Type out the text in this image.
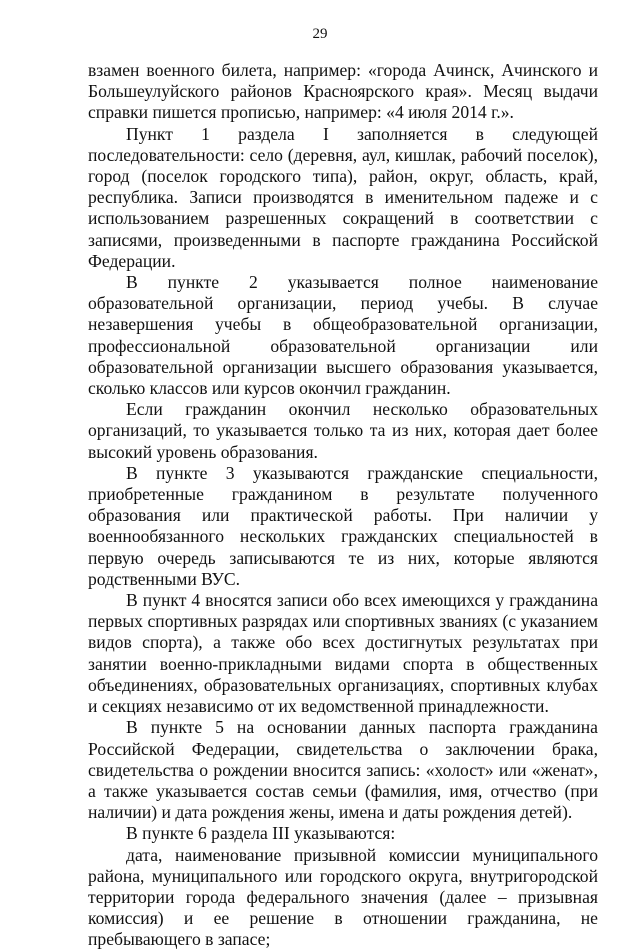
29

взамен военного билета, например: «города Ачинск, Ачинского и Большеулуйского районов Красноярского края». Месяц выдачи справки пишется прописью, например: «4 июля 2014 г.».

Пункт 1 раздела I заполняется в следующей последовательности: село (деревня, аул, кишлак, рабочий поселок), город (поселок городского типа), район, округ, область, край, республика. Записи производятся в именительном падеже и с использованием разрешенных сокращений в соответствии с записями, произведенными в паспорте гражданина Российской Федерации.

В пункте 2 указывается полное наименование образовательной организации, период учебы. В случае незавершения учебы в общеобразовательной организации, профессиональной образовательной организации или образовательной организации высшего образования указывается, сколько классов или курсов окончил гражданин.

Если гражданин окончил несколько образовательных организаций, то указывается только та из них, которая дает более высокий уровень образования.

В пункте 3 указываются гражданские специальности, приобретенные гражданином в результате полученного образования или практической работы. При наличии у военнообязанного нескольких гражданских специальностей в первую очередь записываются те из них, которые являются родственными ВУС.

В пункт 4 вносятся записи обо всех имеющихся у гражданина первых спортивных разрядах или спортивных званиях (с указанием видов спорта), а также обо всех достигнутых результатах при занятии военно-прикладными видами спорта в общественных объединениях, образовательных организациях, спортивных клубах и секциях независимо от их ведомственной принадлежности.

В пункте 5 на основании данных паспорта гражданина Российской Федерации, свидетельства о заключении брака, свидетельства о рождении вносится запись: «холост» или «женат», а также указывается состав семьи (фамилия, имя, отчество (при наличии) и дата рождения жены, имена и даты рождения детей).

В пункте 6 раздела III указываются:

дата, наименование призывной комиссии муниципального района, муниципального или городского округа, внутригородской территории города федерального значения (далее – призывная комиссия) и ее решение в отношении гражданина, не пребывающего в запасе;
